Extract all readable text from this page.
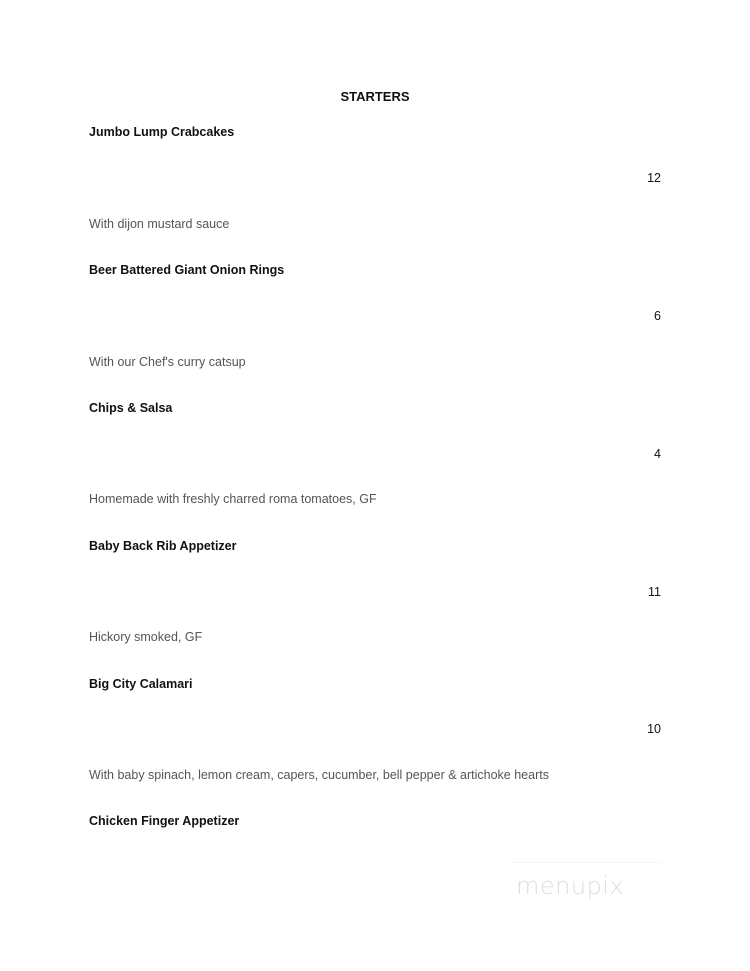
STARTERS
Jumbo Lump Crabcakes
12
With dijon mustard sauce
Beer Battered Giant Onion Rings
6
With our Chef's curry catsup
Chips & Salsa
4
Homemade with freshly charred roma tomatoes, GF
Baby Back Rib Appetizer
11
Hickory smoked, GF
Big City Calamari
10
With baby spinach, lemon cream, capers, cucumber, bell pepper & artichoke hearts
Chicken Finger Appetizer
menupix
